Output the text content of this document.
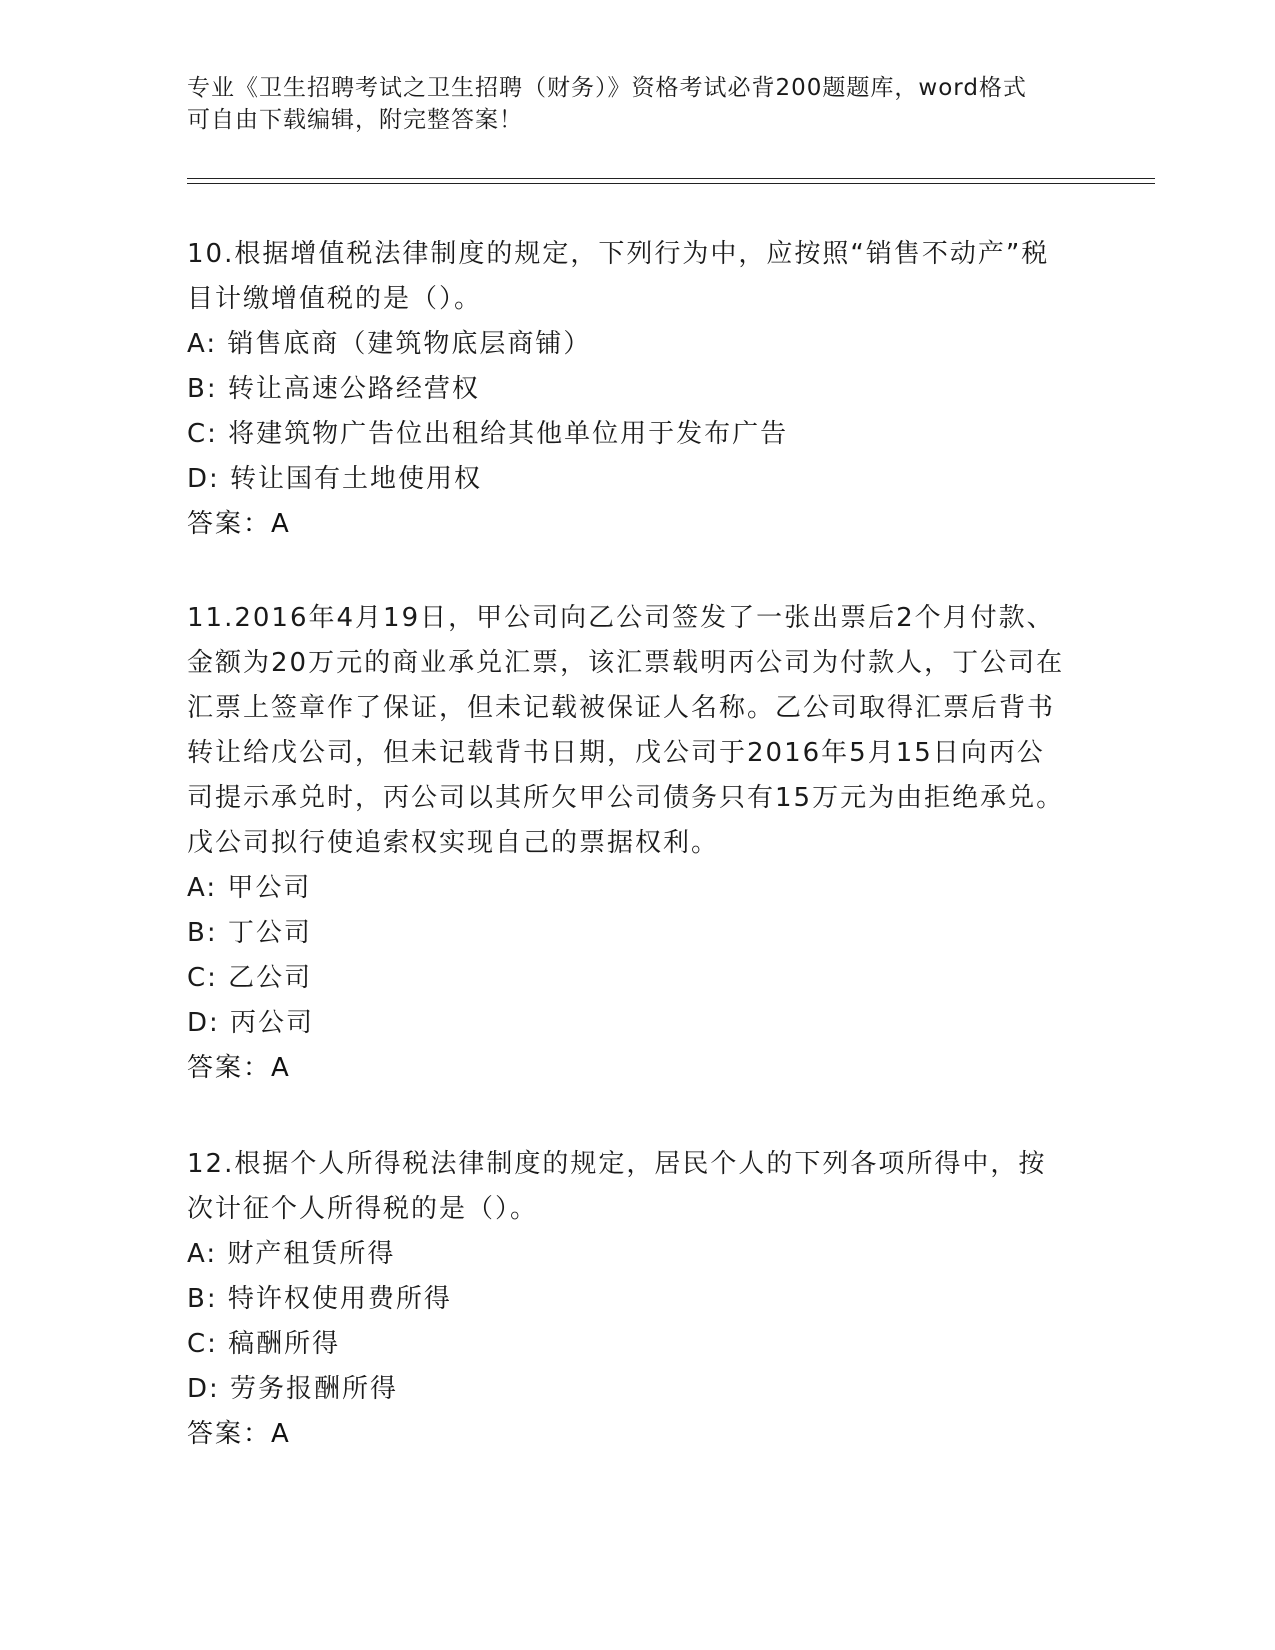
专业《卫生招聘考试之卫生招聘（财务）》资格考试必背200题题库，word格式
可自由下载编辑，附完整答案！

10.根据增值税法律制度的规定，下列行为中，应按照“销售不动产”税目计缴增值税的是（）。

A: 销售底商（建筑物底层商铺）

B: 转让高速公路经营权

C: 将建筑物广告位出租给其他单位用于发布广告

D: 转让国有土地使用权

答案：A

11.2016年4月19日，甲公司向乙公司签发了一张出票后2个月付款、金额为20万元的商业承兑汇票，该汇票载明丙公司为付款人，丁公司在汇票上签章作了保证，但未记载被保证人名称。乙公司取得汇票后背书转让给戊公司，但未记载背书日期，戊公司于2016年5月15日向丙公司提示承兑时，丙公司以其所欠甲公司债务只有15万元为由拒绝承兑。戊公司拟行使追索权实现自己的票据权利。

A: 甲公司

B: 丁公司

C: 乙公司

D: 丙公司

答案：A

12.根据个人所得税法律制度的规定，居民个人的下列各项所得中，按次计征个人所得税的是（）。

A: 财产租赁所得

B: 特许权使用费所得

C: 稿酬所得

D: 劳务报酬所得

答案：A
